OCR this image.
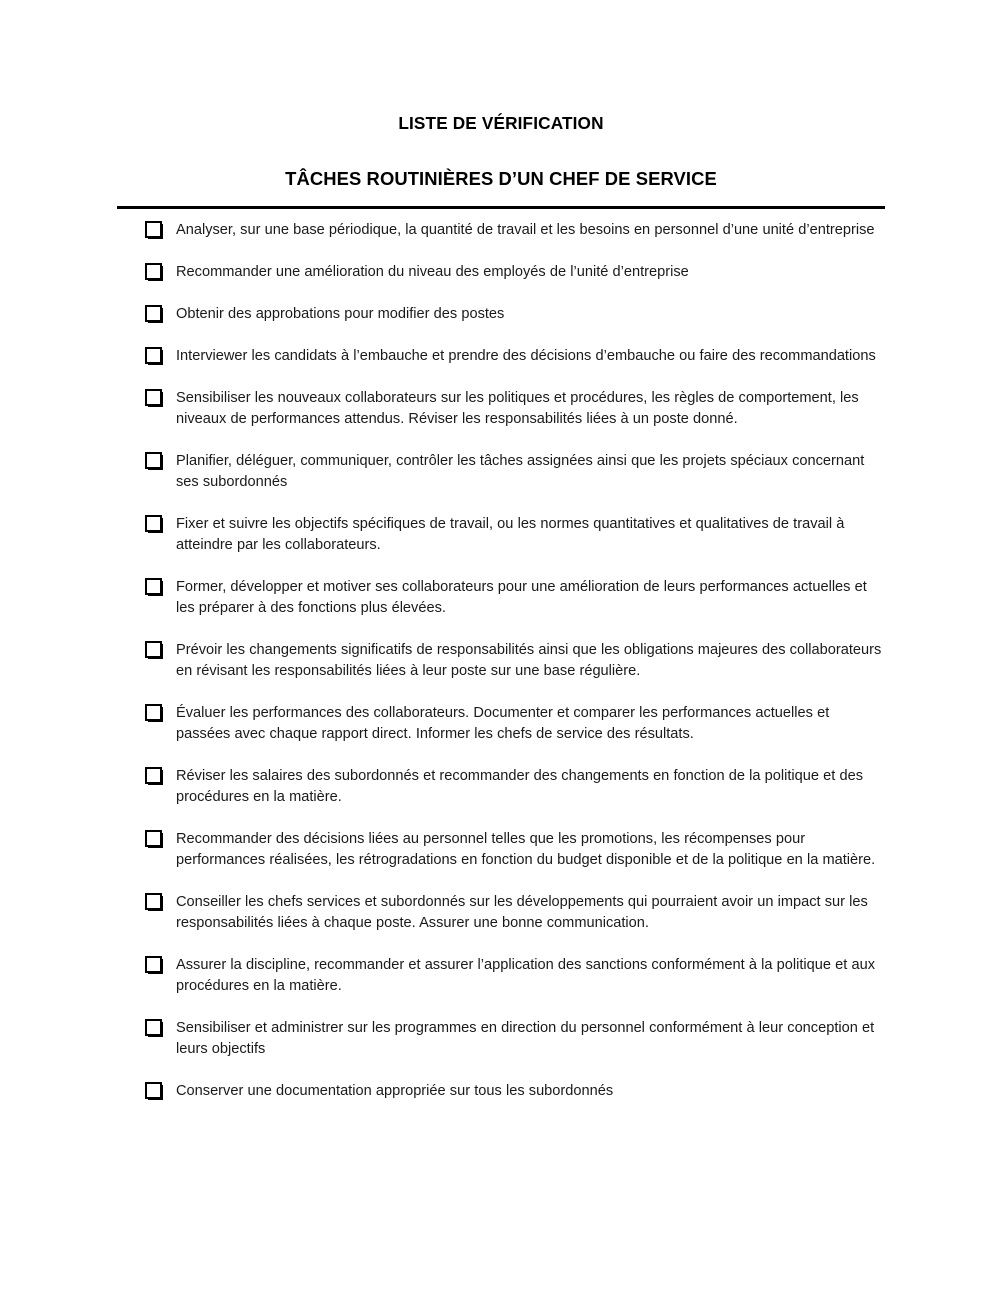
LISTE DE VÉRIFICATION
TÂCHES ROUTINIÈRES D’UN CHEF DE SERVICE
Analyser, sur une base périodique, la quantité de travail et les besoins en personnel d’une unité d’entreprise
Recommander une amélioration du niveau des employés de l’unité d’entreprise
Obtenir des approbations pour modifier des postes
Interviewer les candidats à l’embauche et prendre des décisions d’embauche ou faire des recommandations
Sensibiliser les nouveaux collaborateurs sur les politiques et procédures, les règles de comportement, les niveaux de performances attendus. Réviser les responsabilités liées à un poste donné.
Planifier, déléguer, communiquer, contrôler les tâches assignées ainsi que les projets spéciaux concernant ses subordonnés
Fixer et suivre les objectifs spécifiques de travail, ou les normes quantitatives et qualitatives de travail à atteindre par les collaborateurs.
Former, développer et motiver ses collaborateurs pour une amélioration de leurs performances actuelles et les préparer à des fonctions plus élevées.
Prévoir les changements significatifs de responsabilités ainsi que les obligations majeures des collaborateurs en révisant les responsabilités liées à leur poste sur une base régulière.
Évaluer les performances des collaborateurs. Documenter et comparer les performances actuelles et passées avec chaque rapport direct. Informer les chefs de service des résultats.
Réviser les salaires des subordonnés et recommander des changements en fonction de la politique et des procédures en la matière.
Recommander des décisions liées au personnel telles que les promotions, les récompenses pour performances réalisées, les rétrogradations en fonction du budget disponible et de la politique en la matière.
Conseiller les chefs services et subordonnés sur les développements qui pourraient avoir un impact sur les responsabilités liées à chaque poste. Assurer une bonne communication.
Assurer la discipline, recommander et assurer l’application des sanctions conformément à la politique et aux procédures en la matière.
Sensibiliser et administrer sur les programmes en direction du personnel conformément à leur conception et leurs objectifs
Conserver une documentation appropriée sur tous les subordonnés
